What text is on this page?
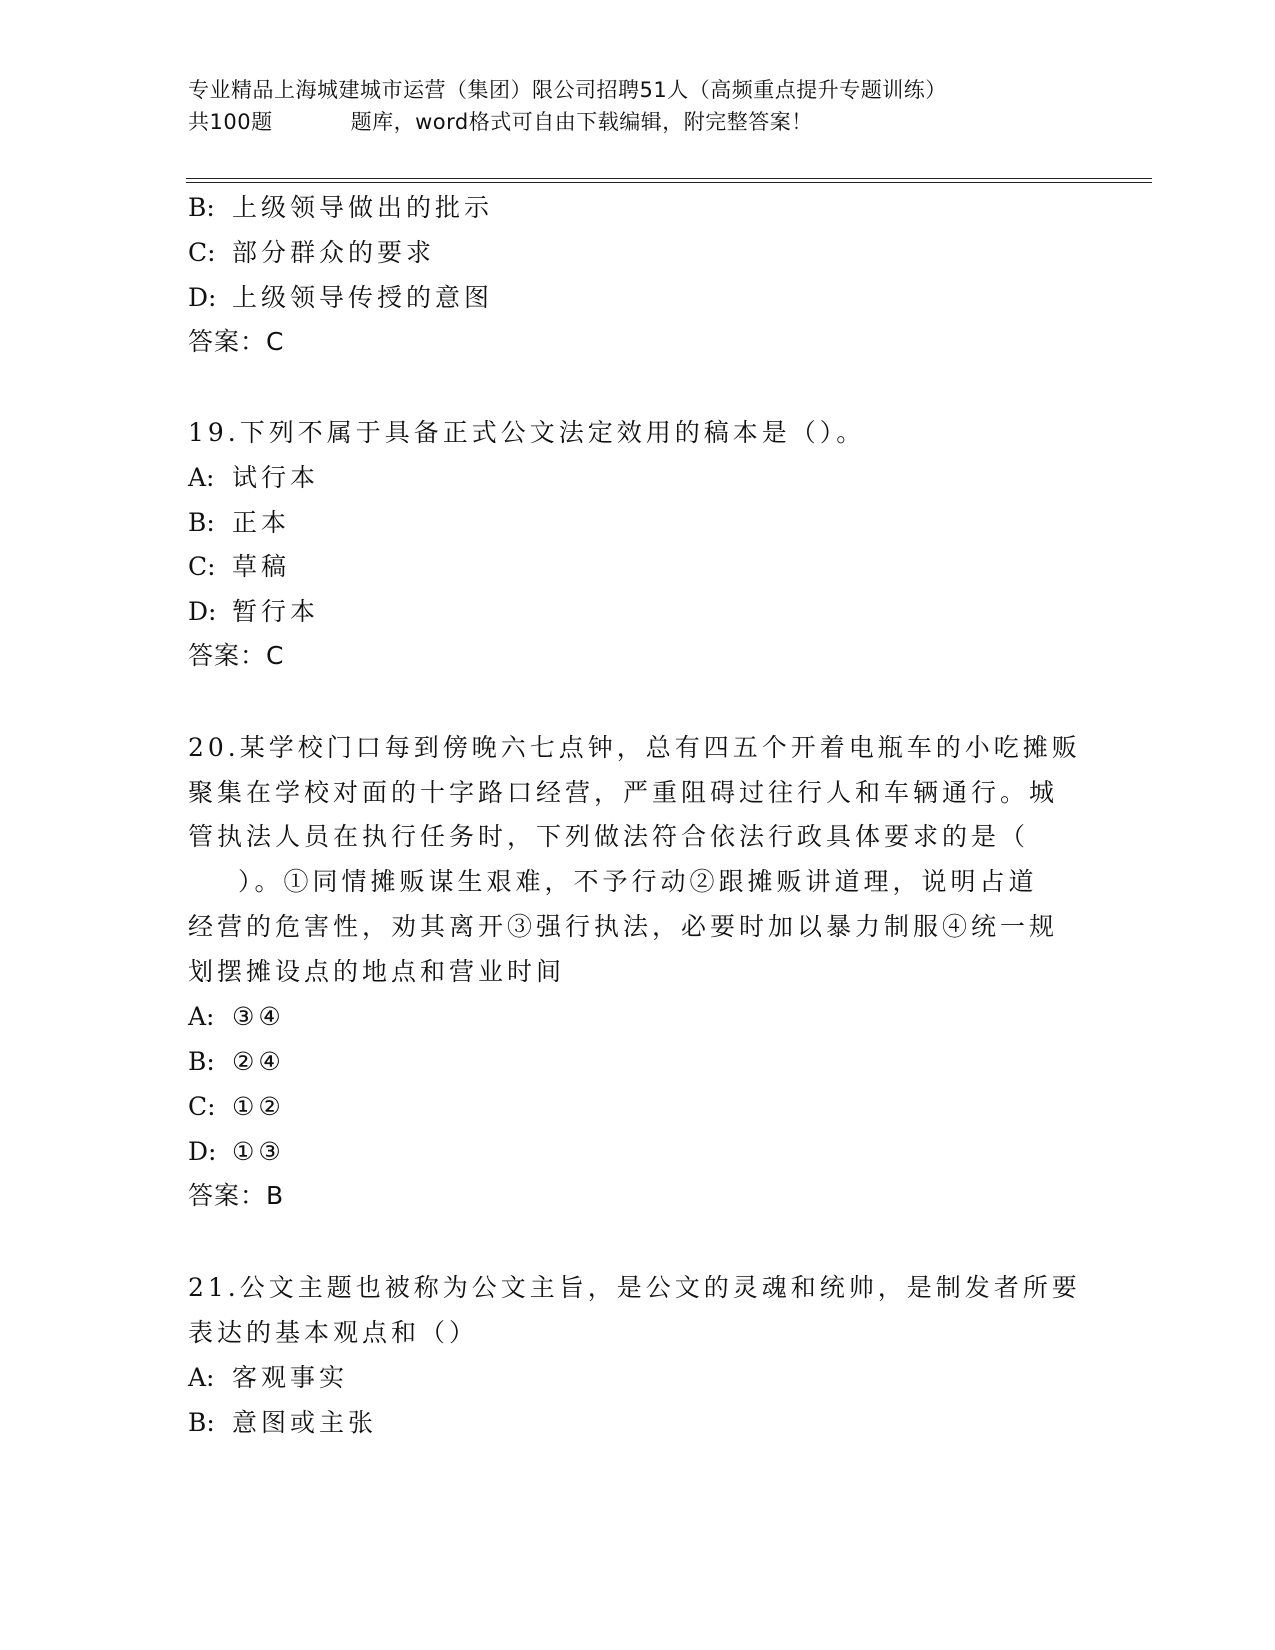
专业精品上海城建城市运营（集团）限公司招聘51人（高频重点提升专题训练）
共100题	题库，word格式可自由下载编辑，附完整答案！
B: 上级领导做出的批示
C: 部分群众的要求
D: 上级领导传授的意图
答案：C
19.下列不属于具备正式公文法定效用的稿本是（）。
A: 试行本
B: 正本
C: 草稿
D: 暂行本
答案：C
20.某学校门口每到傍晚六七点钟，总有四五个开着电瓶车的小吃摊贩
聚集在学校对面的十字路口经营，严重阻碍过往行人和车辆通行。城
管执法人员在执行任务时，下列做法符合依法行政具体要求的是（
）。①同情摊贩谋生艰难，不予行动②跟摊贩讲道理，说明占道
经营的危害性，劝其离开③强行执法，必要时加以暴力制服④统一规
划摆摊设点的地点和营业时间
A: ③④
B: ②④
C: ①②
D: ①③
答案：B
21.公文主题也被称为公文主旨，是公文的灵魂和统帅，是制发者所要
表达的基本观点和（）
A: 客观事实
B: 意图或主张
